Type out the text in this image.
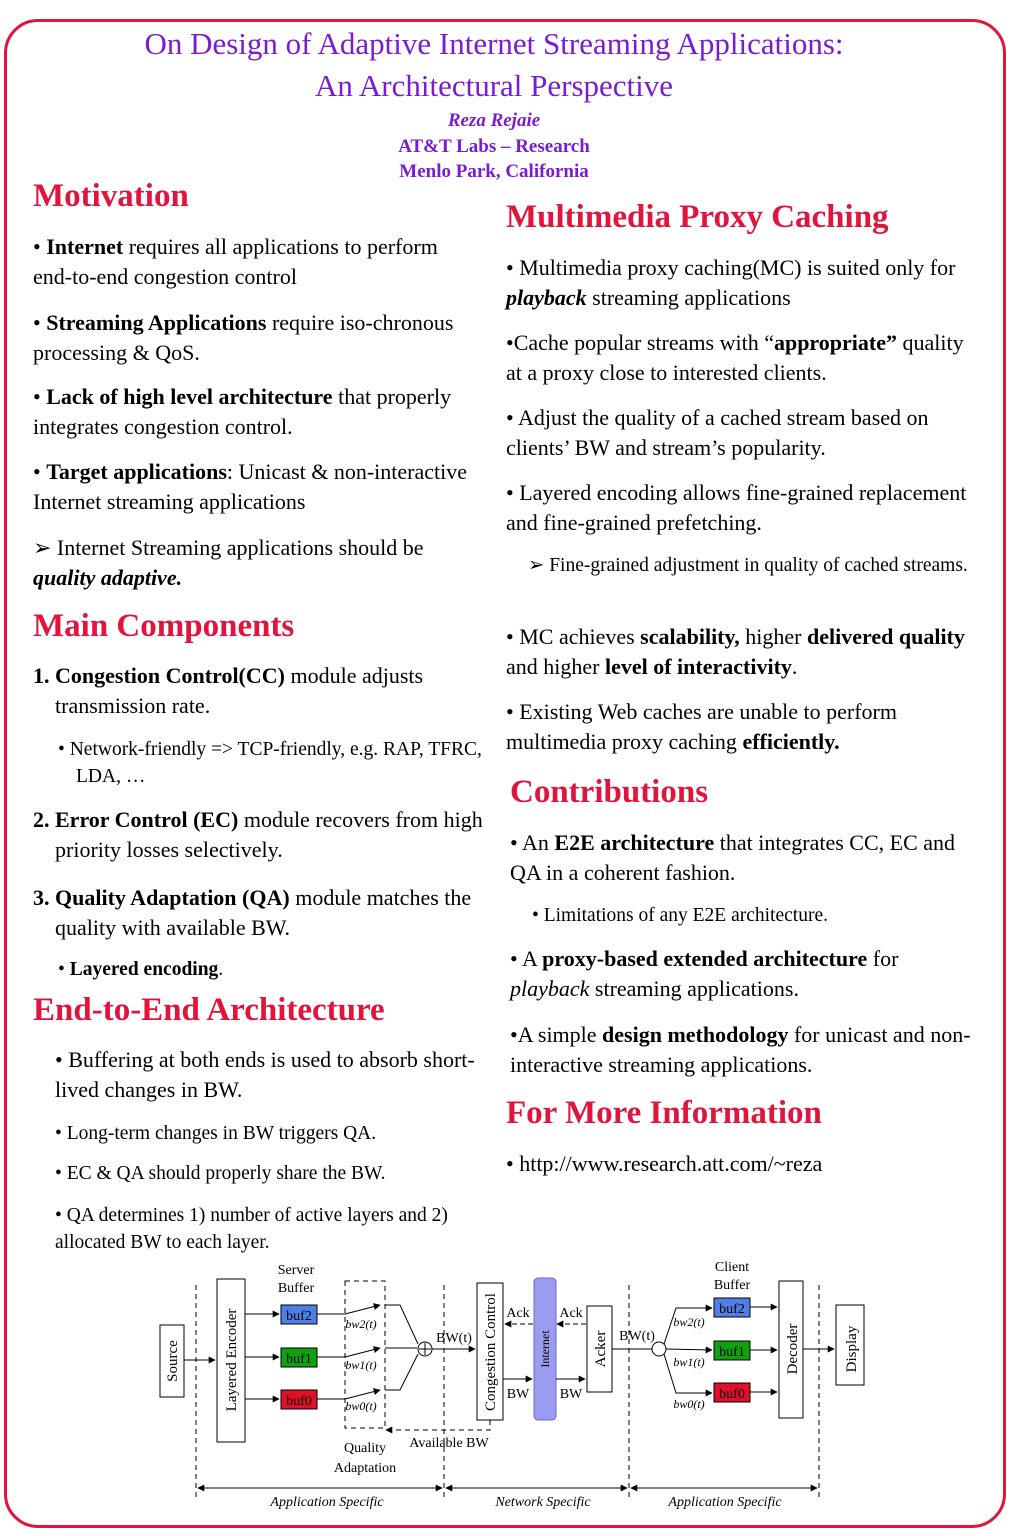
On Design of Adaptive Internet Streaming Applications:
An Architectural Perspective
Reza Rejaie
AT&T Labs – Research
Menlo Park, California
Motivation

• Internet requires all applications to perform end-to-end congestion control

• Streaming Applications require iso-chronous processing & QoS.

• Lack of high level architecture that properly integrates congestion control.

• Target applications: Unicast & non-interactive Internet streaming applications

➢ Internet Streaming applications should be quality adaptive.

Main Components

1. Congestion Control(CC) module adjusts transmission rate.

• Network-friendly => TCP-friendly, e.g. RAP, TFRC, LDA, …

2. Error Control (EC) module recovers from high priority losses selectively.

3. Quality Adaptation (QA) module matches the quality with available BW.

• Layered encoding.

End-to-End Architecture

• Buffering at both ends is used to absorb short-lived changes in BW.

• Long-term changes in BW triggers QA.

• EC & QA should properly share the BW.

• QA determines 1) number of active layers and 2) allocated BW to each layer.

Multimedia Proxy Caching

• Multimedia proxy caching(MC) is suited only for playback streaming applications

•Cache popular streams with “appropriate” quality at a proxy close to interested clients.

• Adjust the quality of a cached stream based on clients’ BW and stream’s popularity.

• Layered encoding allows fine-grained replacement and fine-grained prefetching.

➢ Fine-grained adjustment in quality of cached streams.

• MC achieves scalability, higher delivered quality and higher level of interactivity.

• Existing Web caches are unable to perform multimedia proxy caching efficiently.

Contributions

• An E2E architecture that integrates CC, EC and QA in a coherent fashion.

• Limitations of any E2E architecture.

• A proxy-based extended architecture for playback streaming applications.

•A simple design methodology for unicast and non-interactive streaming applications.

For More Information

• http://www.research.att.com/~reza

Application Specific	Network Specific	Application Specific
Source	Layered Encoder
Server
Buffer
buf2
buf1
buf0
bw2(t)
bw1(t)
bw0(t)
BW(t)
Quality
Adaptation
Available BW
Congestion Control	Internet	Acker
Ack Ack
BW BW
BW(t)
bw2(t)
bw1(t)
bw0(t)
Client
Buffer
buf2
buf1
buf0
Decoder	Display
